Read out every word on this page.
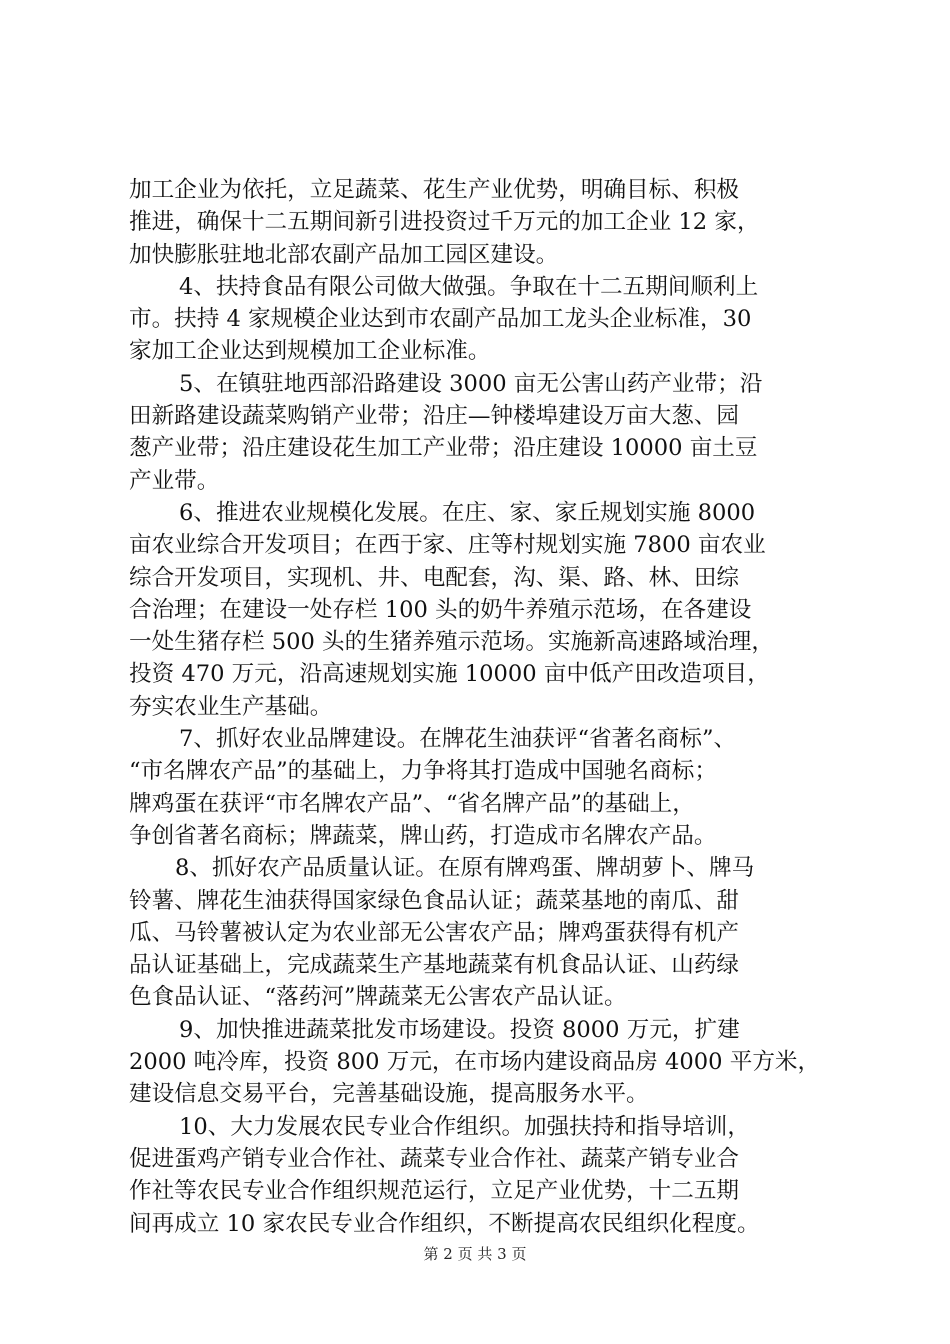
加工企业为依托，立足蔬菜、花生产业优势，明确目标、积极
推进，确保十二五期间新引进投资过千万元的加工企业 12 家，
加快膨胀驻地北部农副产品加工园区建设。
4、扶持食品有限公司做大做强。争取在十二五期间顺利上
市。扶持 4 家规模企业达到市农副产品加工龙头企业标准，30
家加工企业达到规模加工企业标准。
5、在镇驻地西部沿路建设 3000 亩无公害山药产业带；沿
田新路建设蔬菜购销产业带；沿庄—钟楼埠建设万亩大葱、园
葱产业带；沿庄建设花生加工产业带；沿庄建设 10000 亩土豆
产业带。
6、推进农业规模化发展。在庄、家、家丘规划实施 8000
亩农业综合开发项目；在西于家、庄等村规划实施 7800 亩农业
综合开发项目，实现机、井、电配套，沟、渠、路、林、田综
合治理；在建设一处存栏 100 头的奶牛养殖示范场，在各建设
一处生猪存栏 500 头的生猪养殖示范场。实施新高速路域治理，
投资 470 万元，沿高速规划实施 10000 亩中低产田改造项目，
夯实农业生产基础。
7、抓好农业品牌建设。在牌花生油获评“省著名商标”、
“市名牌农产品”的基础上，力争将其打造成中国驰名商标；
牌鸡蛋在获评“市名牌农产品”、“省名牌产品”的基础上，
争创省著名商标；牌蔬菜，牌山药，打造成市名牌农产品。
8、抓好农产品质量认证。在原有牌鸡蛋、牌胡萝卜、牌马
铃薯、牌花生油获得国家绿色食品认证；蔬菜基地的南瓜、甜
瓜、马铃薯被认定为农业部无公害农产品；牌鸡蛋获得有机产
品认证基础上，完成蔬菜生产基地蔬菜有机食品认证、山药绿
色食品认证、“落药河”牌蔬菜无公害农产品认证。
9、加快推进蔬菜批发市场建设。投资 8000 万元，扩建
2000 吨冷库，投资 800 万元，在市场内建设商品房 4000 平方米，
建设信息交易平台，完善基础设施，提高服务水平。
10、大力发展农民专业合作组织。加强扶持和指导培训，
促进蛋鸡产销专业合作社、蔬菜专业合作社、蔬菜产销专业合
作社等农民专业合作组织规范运行，立足产业优势，十二五期
间再成立 10 家农民专业合作组织，不断提高农民组织化程度。
第 2 页 共 3 页
